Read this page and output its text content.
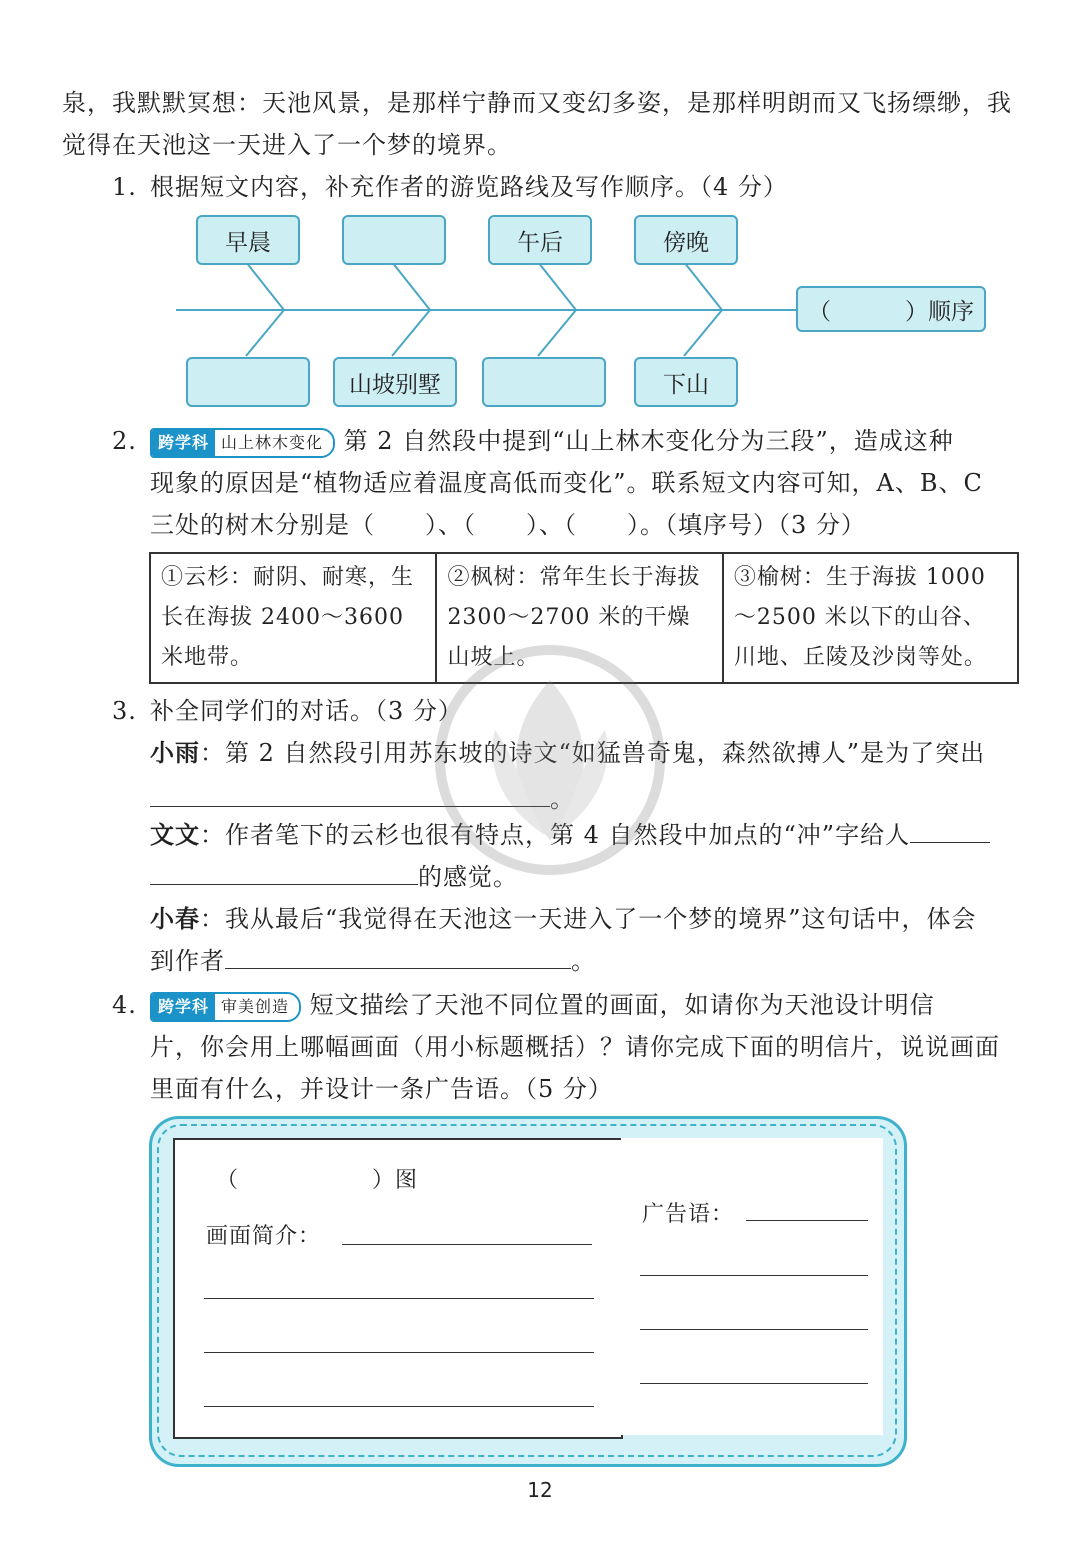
泉，我默默冥想：天池风景，是那样宁静而又变幻多姿，是那样明朗而又飞扬缥缈，我
觉得在天池这一天进入了一个梦的境界。
1. 根据短文内容，补充作者的游览路线及写作顺序。（4 分）
早晨	午后	傍晚
山坡别墅	下山
（	）顺序
2.	跨学科 山上林木变化 第 2 自然段中提到“山上林木变化分为三段”，造成这种
现象的原因是“植物适应着温度高低而变化”。联系短文内容可知，A、B、C
三处的树木分别是（　　）、（　　）、（　　）。（填序号）（3 分）
①云杉：耐阴、耐寒，生长在海拔 2400～3600 米地带。	②枫树：常年生长于海拔 2300～2700 米的干燥山坡上。	③榆树：生于海拔 1000～2500 米以下的山谷、川地、丘陵及沙岗等处。
3. 补全同学们的对话。（3 分）
小雨：第 2 自然段引用苏东坡的诗文“如猛兽奇鬼，森然欲搏人”是为了突出
。
文文：作者笔下的云杉也很有特点，第 4 自然段中加点的“冲”字给人
的感觉。
小春：我从最后“我觉得在天池这一天进入了一个梦的境界”这句话中，体会
到作者	。
4.	跨学科 审美创造 短文描绘了天池不同位置的画面，如请你为天池设计明信
片，你会用上哪幅画面（用小标题概括）？请你完成下面的明信片，说说画面
里面有什么，并设计一条广告语。（5 分）
（	）图
画面简介：
广告语：
12
